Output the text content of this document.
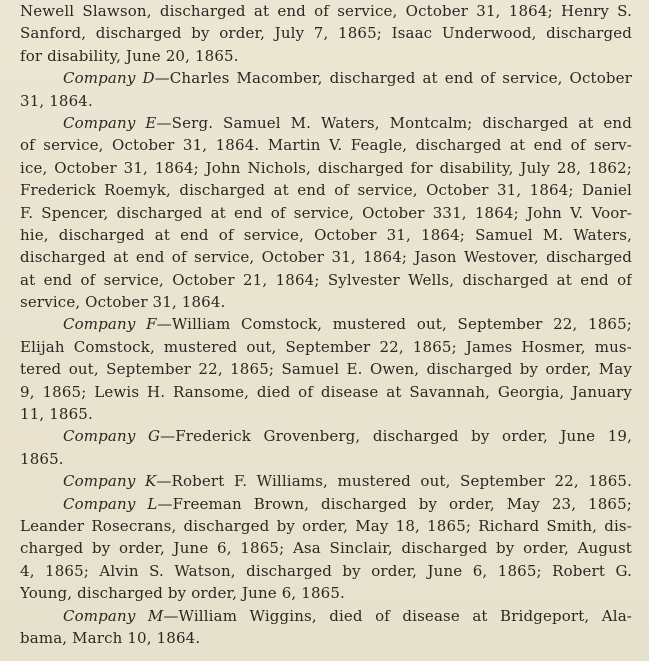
Newell Slawson, discharged at end of service, October 31, 1864; Henry S.
Sanford, discharged by order, July 7, 1865; Isaac Underwood, discharged
for disability, June 20, 1865.
Company D—Charles Macomber, discharged at end of service, October
31, 1864.
Company E—Serg. Samuel M. Waters, Montcalm; discharged at end
of service, October 31, 1864. Martin V. Feagle, discharged at end of serv-
ice, October 31, 1864; John Nichols, discharged for disability, July 28, 1862;
Frederick Roemyk, discharged at end of service, October 31, 1864; Daniel
F. Spencer, discharged at end of service, October 331, 1864; John V. Voor-
hie, discharged at end of service, October 31, 1864; Samuel M. Waters,
discharged at end of service, October 31, 1864; Jason Westover, discharged
at end of service, October 21, 1864; Sylvester Wells, discharged at end of
service, October 31, 1864.
Company F—William Comstock, mustered out, September 22, 1865;
Elijah Comstock, mustered out, September 22, 1865; James Hosmer, mus-
tered out, September 22, 1865; Samuel E. Owen, discharged by order, May
9, 1865; Lewis H. Ransome, died of disease at Savannah, Georgia, January
11, 1865.
Company G—Frederick Grovenberg, discharged by order, June 19,
1865.
Company K—Robert F. Williams, mustered out, September 22, 1865.
Company L—Freeman Brown, discharged by order, May 23, 1865;
Leander Rosecrans, discharged by order, May 18, 1865; Richard Smith, dis-
charged by order, June 6, 1865; Asa Sinclair, discharged by order, August
4, 1865; Alvin S. Watson, discharged by order, June 6, 1865; Robert G.
Young, discharged by order, June 6, 1865.
Company M—William Wiggins, died of disease at Bridgeport, Ala-
bama, March 10, 1864.
